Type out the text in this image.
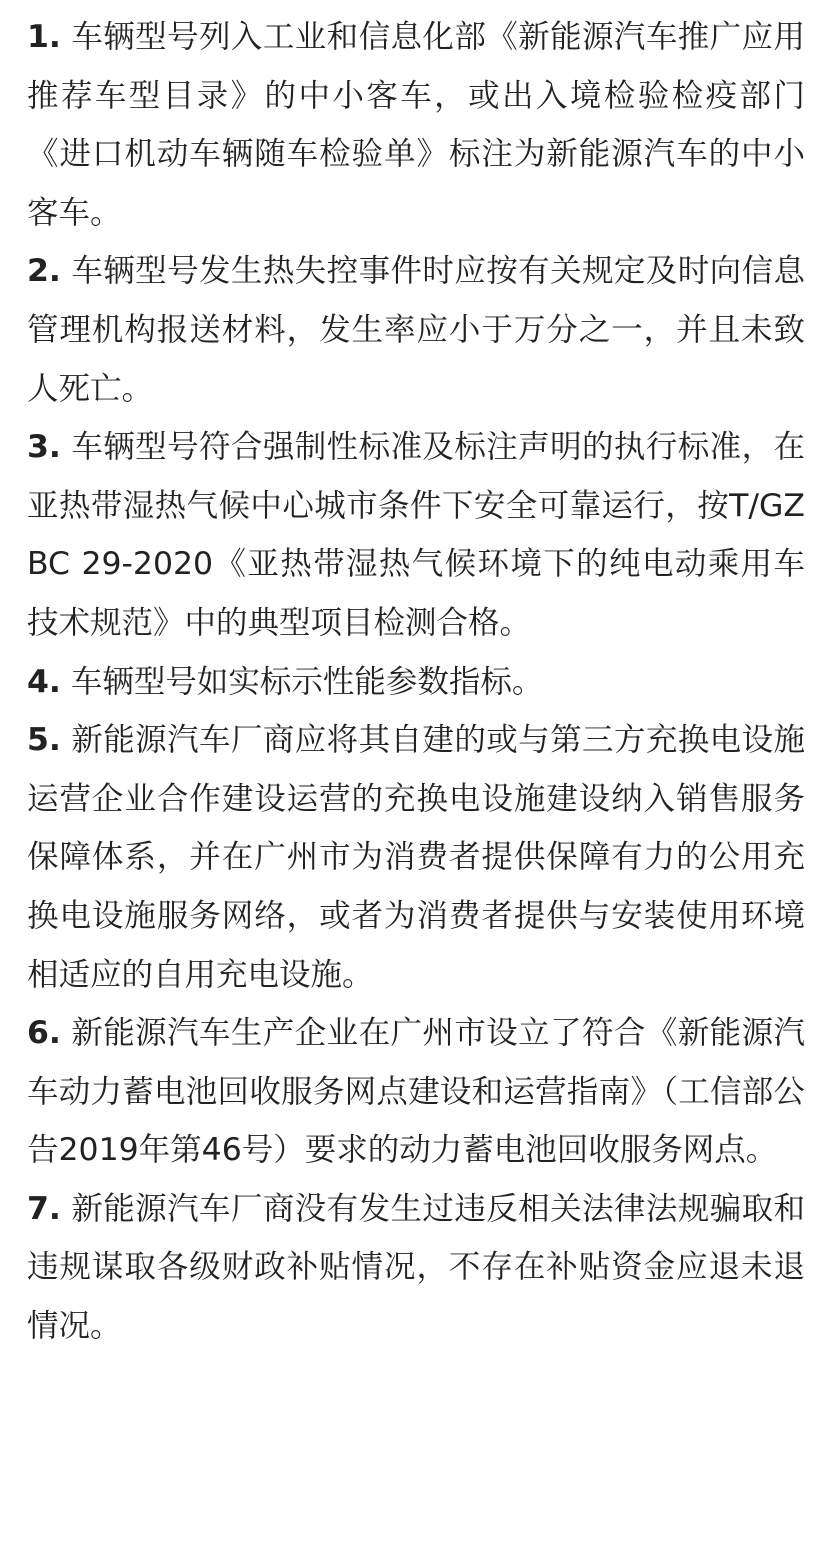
1. 车辆型号列入工业和信息化部《新能源汽车推广应用推荐车型目录》的中小客车，或出入境检验检疫部门《进口机动车辆随车检验单》标注为新能源汽车的中小客车。

2. 车辆型号发生热失控事件时应按有关规定及时向信息管理机构报送材料，发生率应小于万分之一，并且未致人死亡。

3. 车辆型号符合强制性标准及标注声明的执行标准，在亚热带湿热气候中心城市条件下安全可靠运行，按T/GZBC 29-2020《亚热带湿热气候环境下的纯电动乘用车技术规范》中的典型项目检测合格。

4. 车辆型号如实标示性能参数指标。

5. 新能源汽车厂商应将其自建的或与第三方充换电设施运营企业合作建设运营的充换电设施建设纳入销售服务保障体系，并在广州市为消费者提供保障有力的公用充换电设施服务网络，或者为消费者提供与安装使用环境相适应的自用充电设施。

6. 新能源汽车生产企业在广州市设立了符合《新能源汽车动力蓄电池回收服务网点建设和运营指南》（工信部公告2019年第46号）要求的动力蓄电池回收服务网点。

7. 新能源汽车厂商没有发生过违反相关法律法规骗取和违规谋取各级财政补贴情况，不存在补贴资金应退未退情况。
